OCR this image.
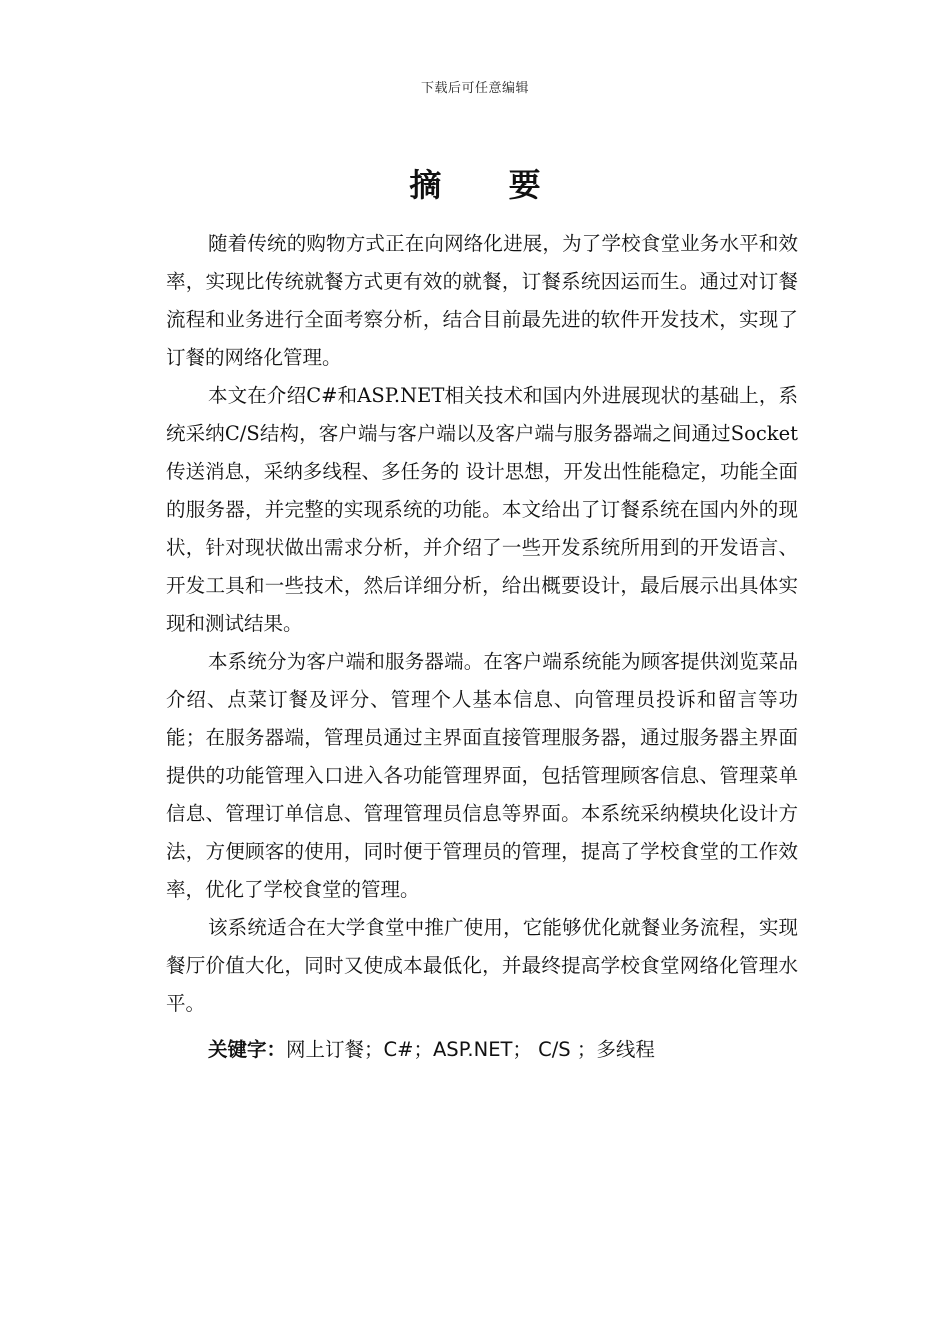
下载后可任意编辑
摘 要

随着传统的购物方式正在向网络化进展，为了学校食堂业务水平和效率，实现比传统就餐方式更有效的就餐，订餐系统因运而生。通过对订餐流程和业务进行全面考察分析，结合目前最先进的软件开发技术，实现了订餐的网络化管理。

本文在介绍C#和ASP.NET相关技术和国内外进展现状的基础上，系统采纳C/S结构，客户端与客户端以及客户端与服务器端之间通过Socket传送消息，采纳多线程、多任务的 设计思想，开发出性能稳定，功能全面的服务器，并完整的实现系统的功能。本文给出了订餐系统在国内外的现状，针对现状做出需求分析，并介绍了一些开发系统所用到的开发语言、开发工具和一些技术，然后详细分析，给出概要设计，最后展示出具体实现和测试结果。

本系统分为客户端和服务器端。在客户端系统能为顾客提供浏览菜品介绍、点菜订餐及评分、管理个人基本信息、向管理员投诉和留言等功能；在服务器端，管理员通过主界面直接管理服务器，通过服务器主界面提供的功能管理入口进入各功能管理界面，包括管理顾客信息、管理菜单信息、管理订单信息、管理管理员信息等界面。本系统采纳模块化设计方法，方便顾客的使用，同时便于管理员的管理，提高了学校食堂的工作效率，优化了学校食堂的管理。

该系统适合在大学食堂中推广使用，它能够优化就餐业务流程，实现餐厅价值大化，同时又使成本最低化，并最终提高学校食堂网络化管理水平。

关键字：网上订餐；C#；ASP.NET； C/S ；多线程
